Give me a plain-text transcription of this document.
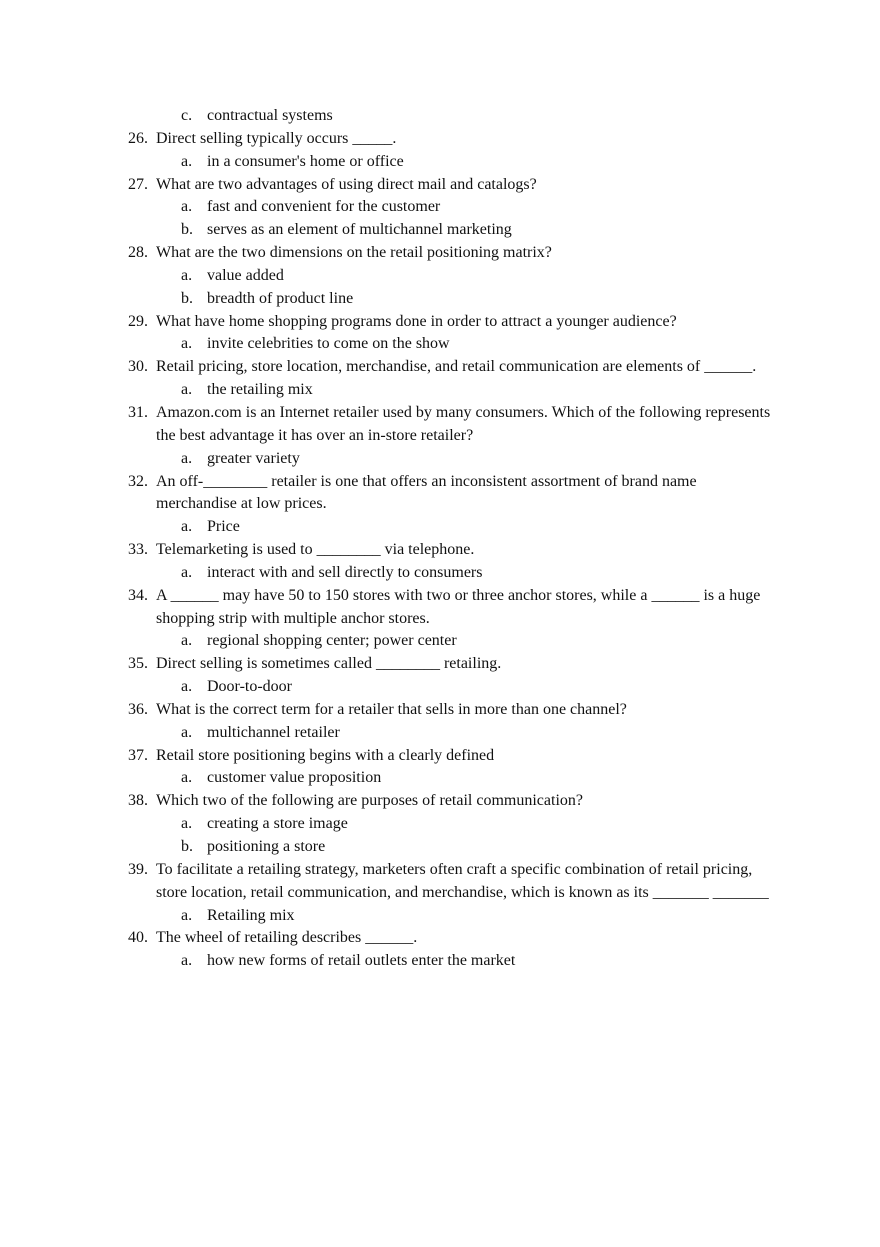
c. contractual systems
26. Direct selling typically occurs _____.
a. in a consumer's home or office
27. What are two advantages of using direct mail and catalogs?
a. fast and convenient for the customer
b. serves as an element of multichannel marketing
28. What are the two dimensions on the retail positioning matrix?
a. value added
b. breadth of product line
29. What have home shopping programs done in order to attract a younger audience?
a. invite celebrities to come on the show
30. Retail pricing, store location, merchandise, and retail communication are elements of ______.
a. the retailing mix
31. Amazon.com is an Internet retailer used by many consumers. Which of the following represents the best advantage it has over an in-store retailer?
a. greater variety
32. An off-________ retailer is one that offers an inconsistent assortment of brand name merchandise at low prices.
a. Price
33. Telemarketing is used to ________ via telephone.
a. interact with and sell directly to consumers
34. A ______ may have 50 to 150 stores with two or three anchor stores, while a ______ is a huge shopping strip with multiple anchor stores.
a. regional shopping center; power center
35. Direct selling is sometimes called ________ retailing.
a. Door-to-door
36. What is the correct term for a retailer that sells in more than one channel?
a. multichannel retailer
37. Retail store positioning begins with a clearly defined
a. customer value proposition
38. Which two of the following are purposes of retail communication?
a. creating a store image
b. positioning a store
39. To facilitate a retailing strategy, marketers often craft a specific combination of retail pricing, store location, retail communication, and merchandise, which is known as its _______ _______
a. Retailing mix
40. The wheel of retailing describes ______.
a. how new forms of retail outlets enter the market
